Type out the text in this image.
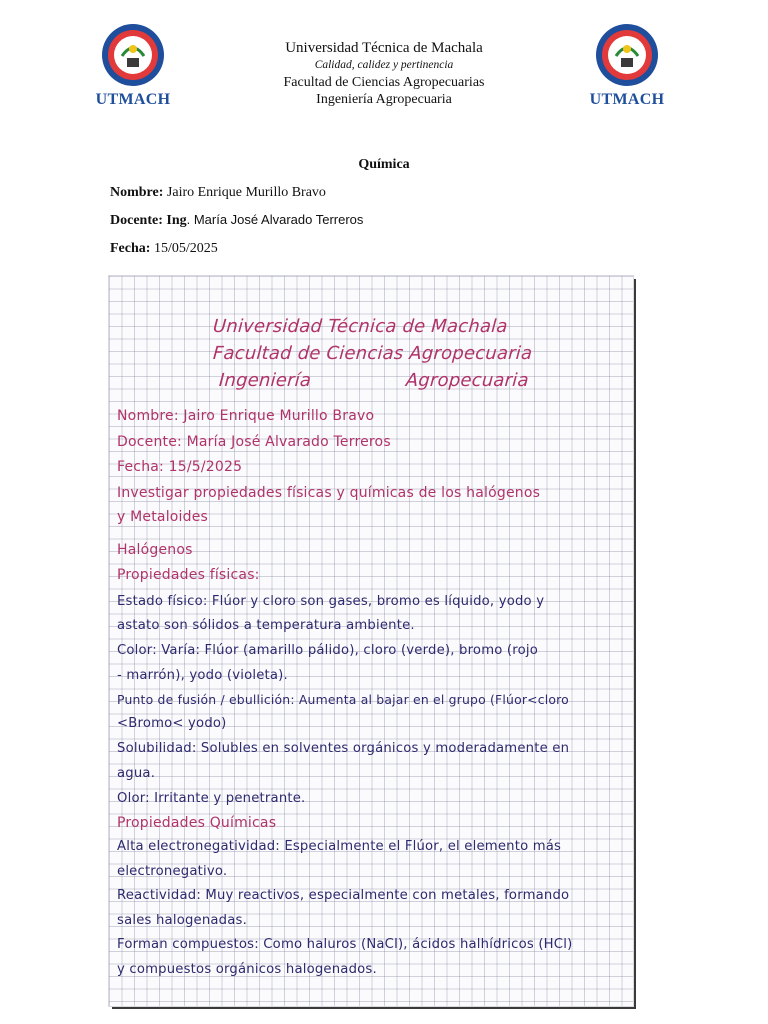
UTMACH	UTMACH
Universidad Técnica de Machala
Calidad, calidez y pertinencia
Facultad de Ciencias Agropecuarias
Ingeniería Agropecuaria
Química
Nombre: Jairo Enrique Murillo Bravo
Docente: Ing. María José Alvarado Terreros
Fecha: 15/05/2025
Universidad Técnica de Machala
Facultad de Ciencias Agropecuaria
Ingeniería                Agropecuaria
Nombre: Jairo Enrique Murillo Bravo
Docente: María José Alvarado Terreros
Fecha: 15/5/2025
Investigar propiedades físicas y químicas de los halógenos
y Metaloides
Halógenos
Propiedades físicas:
Estado físico: Flúor y cloro son gases, bromo es líquido, yodo y
astato son sólidos a temperatura ambiente.
Color: Varía: Flúor (amarillo pálido), cloro (verde), bromo (rojo
- marrón), yodo (violeta).
Punto de fusión / ebullición: Aumenta al bajar en el grupo (Flúor<cloro
<Bromo< yodo)
Solubilidad: Solubles en solventes orgánicos y moderadamente en
agua.
Olor: Irritante y penetrante.
Propiedades Químicas
Alta electronegatividad: Especialmente el Flúor, el elemento más
electronegativo.
Reactividad: Muy reactivos, especialmente con metales, formando
sales halogenadas.
Forman compuestos: Como haluros (NaCl), ácidos halhídricos (HCl)
y compuestos orgánicos halogenados.
